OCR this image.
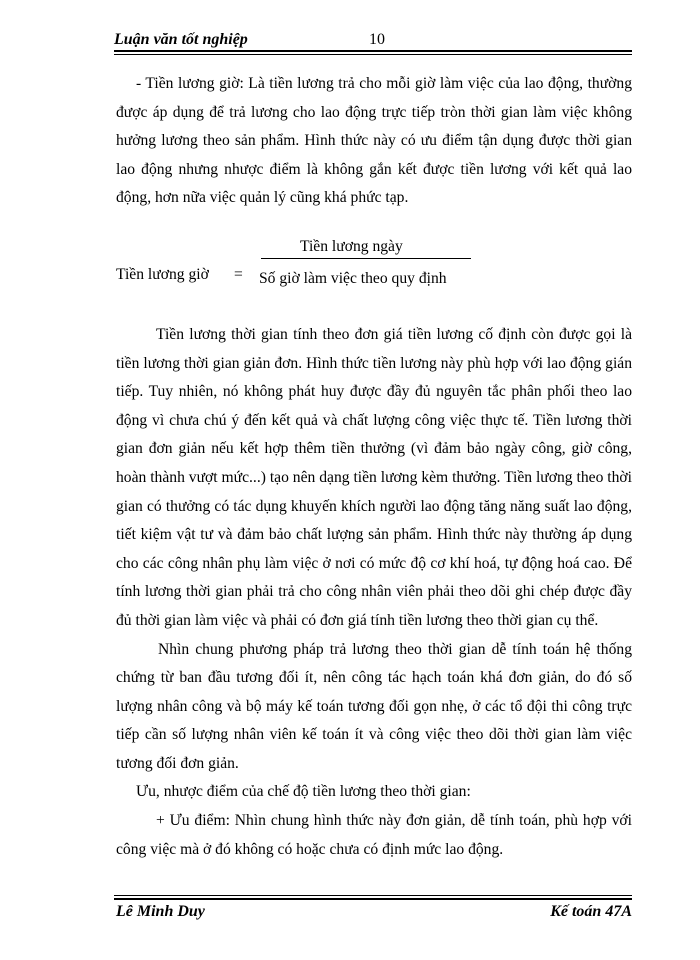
Luận văn tốt nghiệp	10

- Tiền lương giờ: Là tiền lương trả cho mỗi giờ làm việc của lao động, thường được áp dụng để trả lương cho lao động trực tiếp tròn thời gian làm việc không hưởng lương theo sản phẩm. Hình thức này có ưu điểm tận dụng được thời gian lao động nhưng nhược điểm là không gắn kết được tiền lương với kết quả lao động, hơn nữa việc quản lý cũng khá phức tạp.

Tiền lương giờ =
Tiền lương ngày
Số giờ làm việc theo quy định

Tiền lương thời gian tính theo đơn giá tiền lương cố định còn được gọi là tiền lương thời gian giản đơn. Hình thức tiền lương này phù hợp với lao động gián tiếp. Tuy nhiên, nó không phát huy được đầy đủ nguyên tắc phân phối theo lao động vì chưa chú ý đến kết quả và chất lượng công việc thực tế. Tiền lương thời gian đơn giản nếu kết hợp thêm tiền thưởng (vì đảm bảo ngày công, giờ công, hoàn thành vượt mức...) tạo nên dạng tiền lương kèm thưởng. Tiền lương theo thời gian có thưởng có tác dụng khuyến khích người lao động tăng năng suất lao động, tiết kiệm vật tư và đảm bảo chất lượng sản phẩm. Hình thức này thường áp dụng cho các công nhân phụ làm việc ở nơi có mức độ cơ khí hoá, tự động hoá cao. Để tính lương thời gian phải trả cho công nhân viên phải theo dõi ghi chép được đầy đủ thời gian làm việc và phải có đơn giá tính tiền lương theo thời gian cụ thể.

Nhìn chung phương pháp trả lương theo thời gian dễ tính toán hệ thống chứng từ ban đầu tương đối ít, nên công tác hạch toán khá đơn giản, do đó số lượng nhân công và bộ máy kế toán tương đối gọn nhẹ, ở các tổ đội thi công trực tiếp cần số lượng nhân viên kế toán ít và công việc theo dõi thời gian làm việc tương đối đơn giản.

Ưu, nhược điểm của chế độ tiền lương theo thời gian:

+ Ưu điểm: Nhìn chung hình thức này đơn giản, dễ tính toán, phù hợp với công việc mà ở đó không có hoặc chưa có định mức lao động.

Lê Minh Duy	Kế toán 47A
